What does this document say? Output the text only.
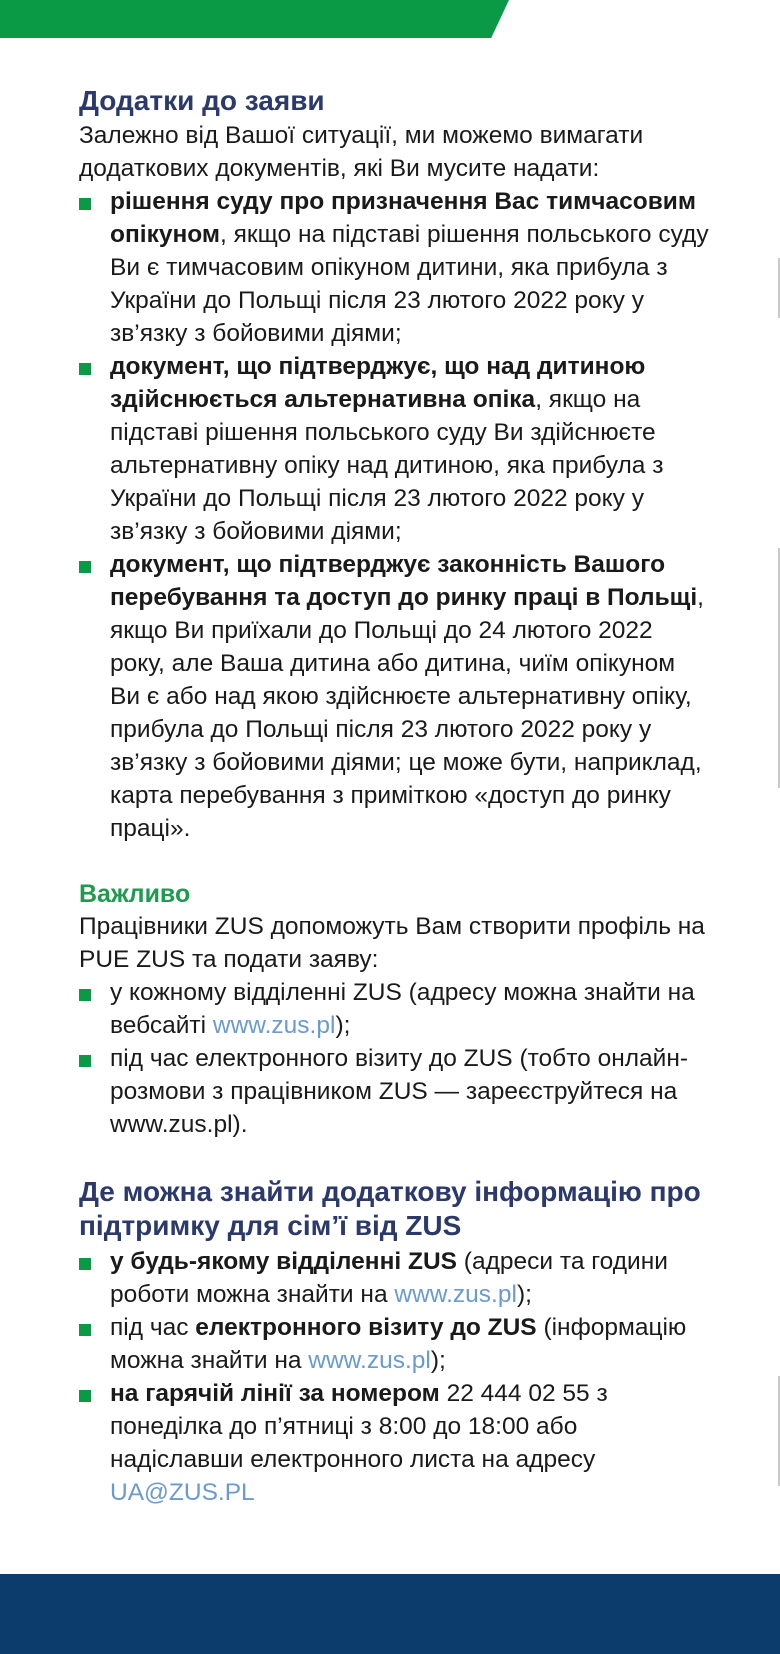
Додатки до заяви

Залежно від Вашої ситуації, ми можемо вимагати додаткових документів, які Ви мусите надати:

рішення суду про призначення Вас тимчасовим опікуном, якщо на підставі рішення польського суду Ви є тимчасовим опікуном дитини, яка прибула з України до Польщі після 23 лютого 2022 року у зв’язку з бойовими діями;
документ, що підтверджує, що над дитиною здійснюється альтернативна опіка, якщо на підставі рішення польського суду Ви здійснюєте альтернативну опіку над дитиною, яка прибула з України до Польщі після 23 лютого 2022 року у зв’язку з бойовими діями;
документ, що підтверджує законність Вашого перебування та доступ до ринку праці в Польщі, якщо Ви приїхали до Польщі до 24 лютого 2022 року, але Ваша дитина або дитина, чиїм опікуном Ви є або над якою здійснюєте альтернативну опіку, прибула до Польщі після 23 лютого 2022 року у зв’язку з бойовими діями; це може бути, наприклад, карта перебування з приміткою «доступ до ринку праці».
Важливо

Працівники ZUS допоможуть Вам створити профіль на PUE ZUS та подати заяву:

у кожному відділенні ZUS (адресу можна знайти на вебсайті www.zus.pl);
під час електронного візиту до ZUS (тобто онлайн-розмови з працівником ZUS — зареєструйтеся на www.zus.pl).
Де можна знайти додаткову інформацію про підтримку для сім’ї від ZUS
у будь-якому відділенні ZUS (адреси та години роботи можна знайти на www.zus.pl);
під час електронного візиту до ZUS (інформацію можна знайти на www.zus.pl);
на гарячій лінії за номером 22 444 02 55 з понеділка до п’ятниці з 8:00 до 18:00 або надіславши електронного листа на адресу UA@ZUS.PL
